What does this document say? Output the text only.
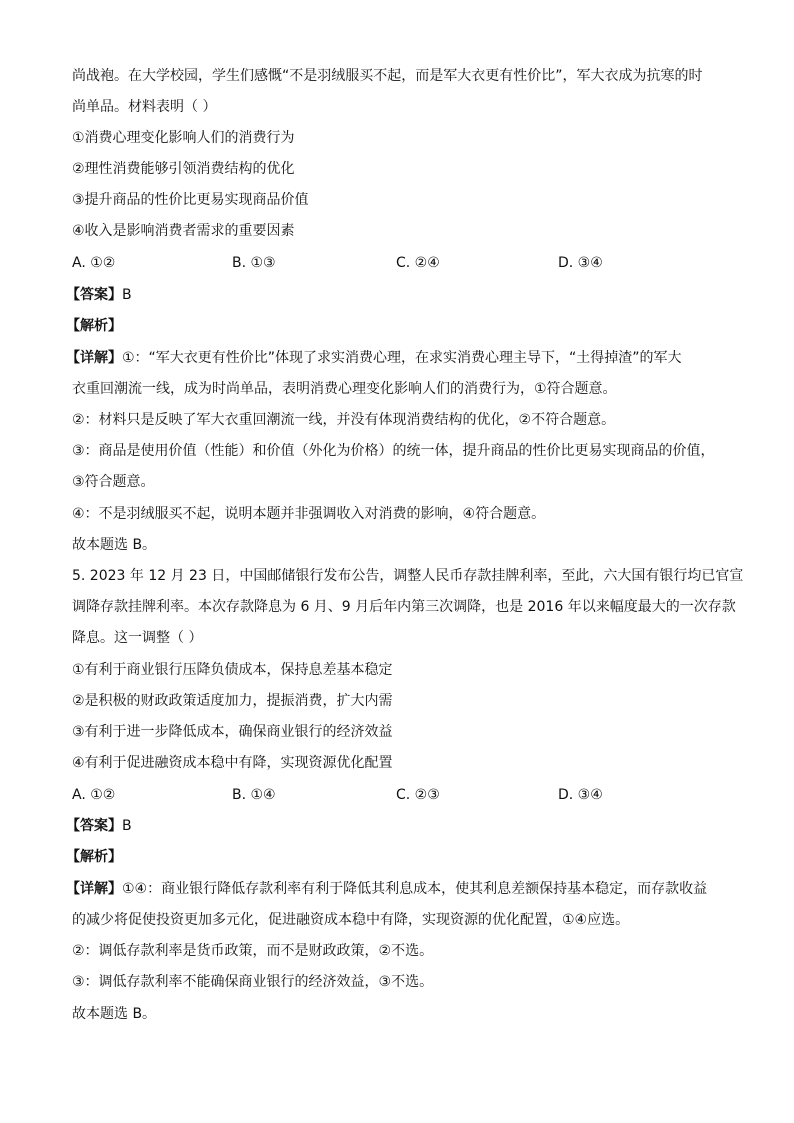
尚战袍。在大学校园，学生们感慨“不是羽绒服买不起，而是军大衣更有性价比”，军大衣成为抗寒的时
尚单品。材料表明（ ）
①消费心理变化影响人们的消费行为
②理性消费能够引领消费结构的优化
③提升商品的性价比更易实现商品价值
④收入是影响消费者需求的重要因素
A. ①②	B. ①③	C. ②④	D. ③④
【答案】B
【解析】
【详解】①：“军大衣更有性价比”体现了求实消费心理，在求实消费心理主导下，“土得掉渣”的军大
衣重回潮流一线，成为时尚单品，表明消费心理变化影响人们的消费行为，①符合题意。
②：材料只是反映了军大衣重回潮流一线，并没有体现消费结构的优化，②不符合题意。
③：商品是使用价值（性能）和价值（外化为价格）的统一体，提升商品的性价比更易实现商品的价值，
③符合题意。
④：不是羽绒服买不起，说明本题并非强调收入对消费的影响，④符合题意。
故本题选 B。
5. 2023 年 12 月 23 日，中国邮储银行发布公告，调整人民币存款挂牌利率，至此，六大国有银行均已官宣
调降存款挂牌利率。本次存款降息为 6 月、9 月后年内第三次调降，也是 2016 年以来幅度最大的一次存款
降息。这一调整（ ）
①有利于商业银行压降负债成本，保持息差基本稳定
②是积极的财政政策适度加力，提振消费，扩大内需
③有利于进一步降低成本，确保商业银行的经济效益
④有利于促进融资成本稳中有降，实现资源优化配置
A. ①②	B. ①④	C. ②③	D. ③④
【答案】B
【解析】
【详解】①④：商业银行降低存款利率有利于降低其利息成本，使其利息差额保持基本稳定，而存款收益
的减少将促使投资更加多元化，促进融资成本稳中有降，实现资源的优化配置，①④应选。
②：调低存款利率是货币政策，而不是财政政策，②不选。
③：调低存款利率不能确保商业银行的经济效益，③不选。
故本题选 B。
